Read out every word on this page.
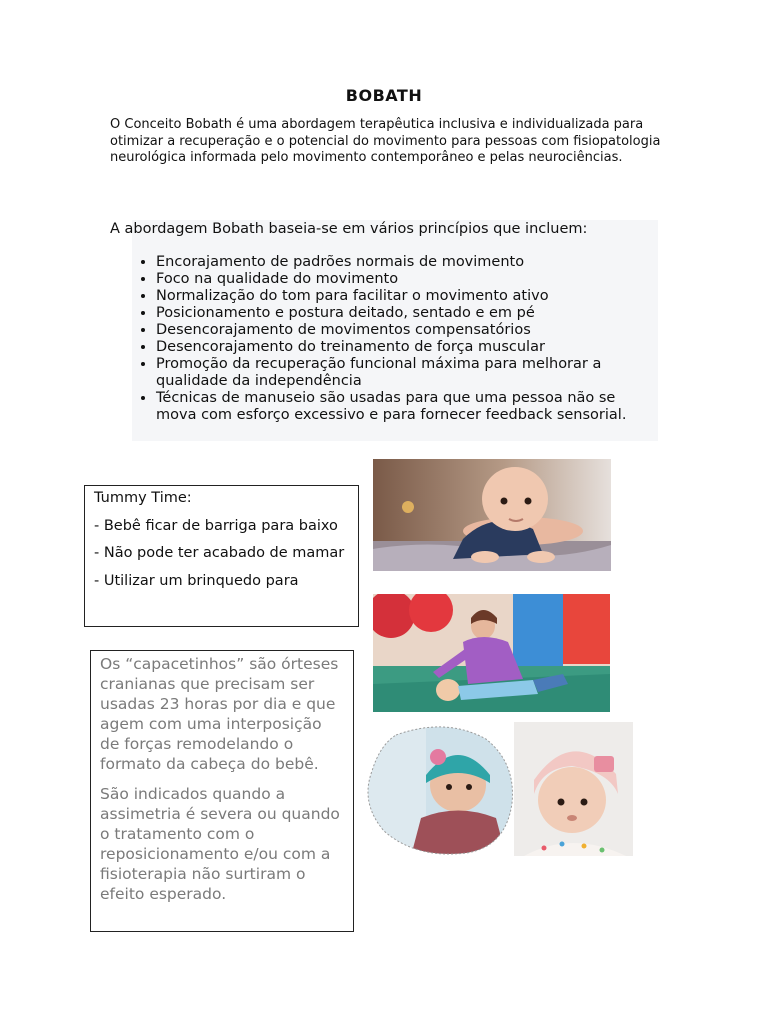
BOBATH
O Conceito Bobath é uma abordagem terapêutica inclusiva e individualizada para otimizar a recuperação e o potencial do movimento para pessoas com fisiopatologia neurológica informada pelo movimento contemporâneo e pelas neurociências.
A abordagem Bobath baseia-se em vários princípios que incluem:
• Encorajamento de padrões normais de movimento
• Foco na qualidade do movimento
• Normalização do tom para facilitar o movimento ativo
• Posicionamento e postura deitado, sentado e em pé
• Desencorajamento de movimentos compensatórios
• Desencorajamento do treinamento de força muscular
• Promoção da recuperação funcional máxima para melhorar a qualidade da independência
• Técnicas de manuseio são usadas para que uma pessoa não se mova com esforço excessivo e para fornecer feedback sensorial.

Tummy Time:

- Bebê ficar de barriga para baixo

- Não pode ter acabado de mamar

- Utilizar um brinquedo para

Os “capacetinhos” são órteses cranianas que precisam ser usadas 23 horas por dia e que agem com uma interposição de forças remodelando o formato da cabeça do bebê.

São indicados quando a assimetria é severa ou quando o tratamento com o reposicionamento e/ou com a fisioterapia não surtiram o efeito esperado.
